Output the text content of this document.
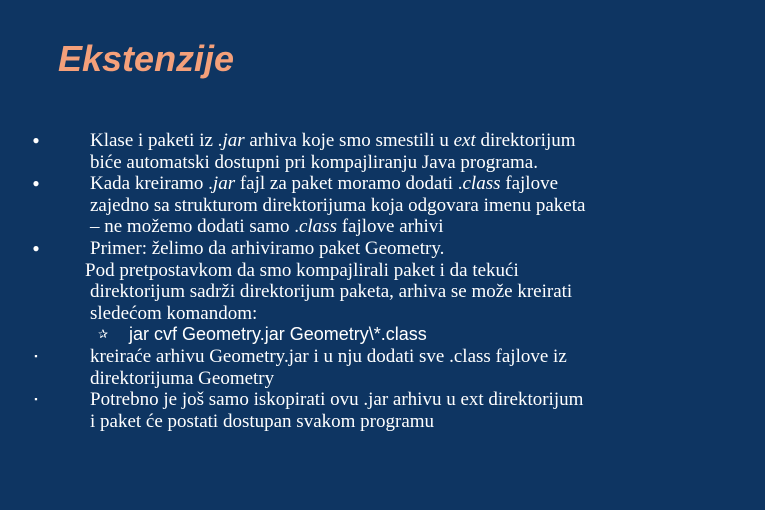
Ekstenzije
●	Klase i paketi iz .jar arhiva koje smo smestili u ext direktorijum
biće automatski dostupni pri kompajliranju Java programa.
●	Kada kreiramo .jar fajl za paket moramo dodati .class fajlove
zajedno sa strukturom direktorijuma koja odgovara imenu paketa
– ne možemo dodati samo .class fajlove arhivi
●	Primer: želimo da arhiviramo paket Geometry.
Pod pretpostavkom da smo kompajlirali paket i da tekući
direktorijum sadrži direktorijum paketa, arhiva se može kreirati
sledećom komandom:
✰ jar cvf Geometry.jar Geometry\*.class
▪	kreiraće arhivu Geometry.jar i u nju dodati sve .class fajlove iz
direktorijuma Geometry
▪	Potrebno je još samo iskopirati ovu .jar arhivu u ext direktorijum
i paket će postati dostupan svakom programu
